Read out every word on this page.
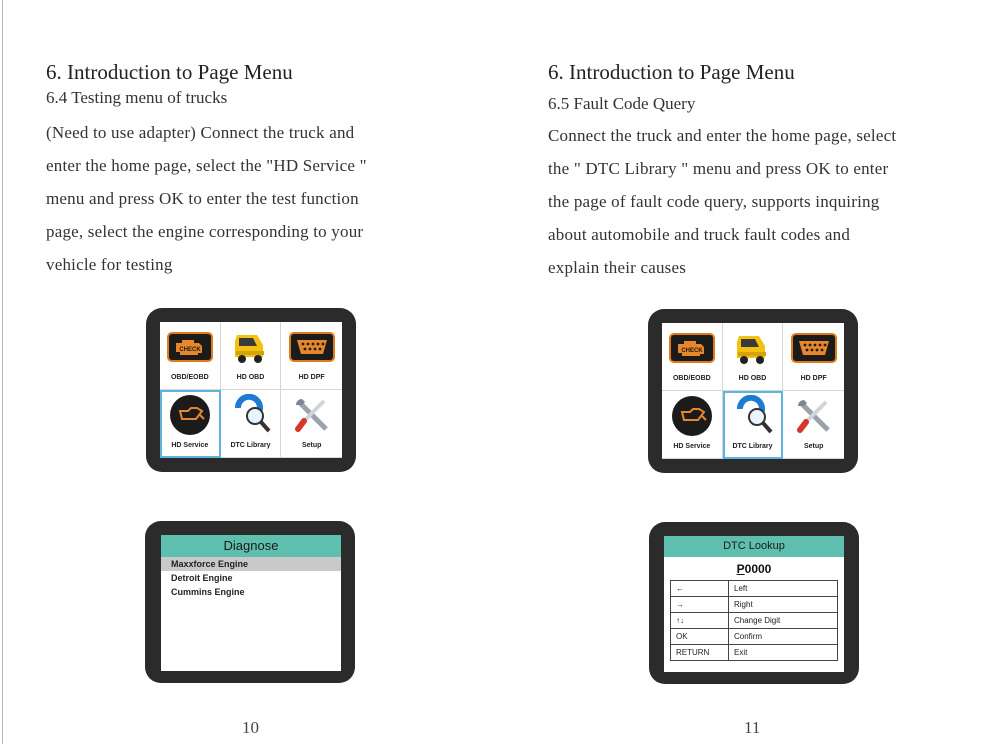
6. Introduction to Page Menu
6.4 Testing menu of trucks
(Need to use adapter) Connect the truck and
enter the home page, select the "HD Service "
menu and press OK to enter the test function
page, select the engine corresponding to your
vehicle for testing
CHECK
OBD/EOBD	HD OBD	HD DPF
HD Service	DTC Library	Setup
Diagnose
Maxxforce Engine
Detroit Engine
Cummins Engine
10
6. Introduction to Page Menu
6.5 Fault Code Query
Connect the truck and enter the home page, select
the " DTC Library " menu and press OK to enter
the page of fault code query, supports inquiring
about automobile and truck fault codes and
explain their causes
CHECK
OBD/EOBD	HD OBD	HD DPF
HD Service	DTC Library	Setup
DTC Lookup
P0000
←	Left
→	Right
↑↓	Change Digit
OK	Confirm
RETURN	Exit
11
